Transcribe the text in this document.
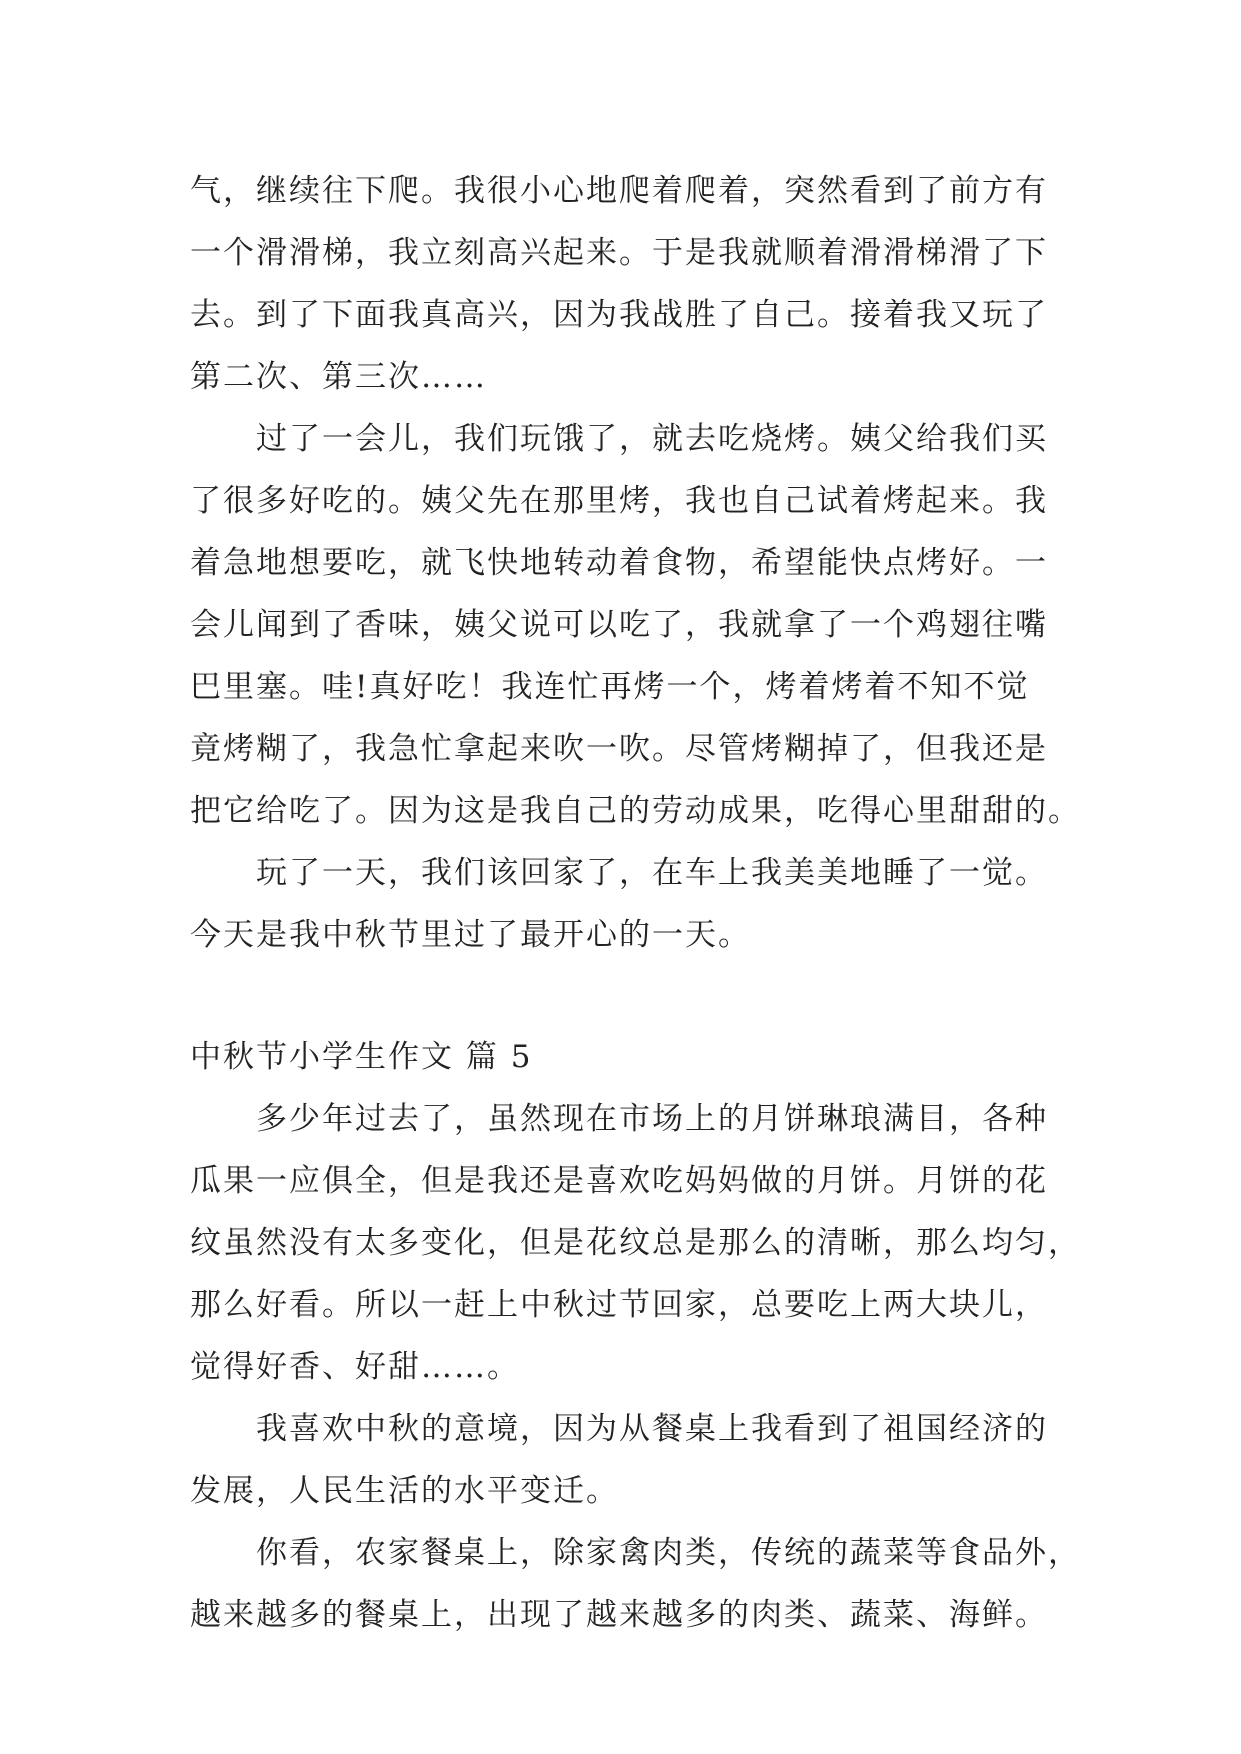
气，继续往下爬。我很小心地爬着爬着，突然看到了前方有
一个滑滑梯，我立刻高兴起来。于是我就顺着滑滑梯滑了下
去。到了下面我真高兴，因为我战胜了自己。接着我又玩了
第二次、第三次……
过了一会儿，我们玩饿了，就去吃烧烤。姨父给我们买
了很多好吃的。姨父先在那里烤，我也自己试着烤起来。我
着急地想要吃，就飞快地转动着食物，希望能快点烤好。一
会儿闻到了香味，姨父说可以吃了，我就拿了一个鸡翅往嘴
巴里塞。哇!真好吃！我连忙再烤一个，烤着烤着不知不觉
竟烤糊了，我急忙拿起来吹一吹。尽管烤糊掉了，但我还是
把它给吃了。因为这是我自己的劳动成果，吃得心里甜甜的。
玩了一天，我们该回家了，在车上我美美地睡了一觉。
今天是我中秋节里过了最开心的一天。
中秋节小学生作文 篇 5
多少年过去了，虽然现在市场上的月饼琳琅满目，各种
瓜果一应俱全，但是我还是喜欢吃妈妈做的月饼。月饼的花
纹虽然没有太多变化，但是花纹总是那么的清晰，那么均匀，
那么好看。所以一赶上中秋过节回家，总要吃上两大块儿，
觉得好香、好甜……。
我喜欢中秋的意境，因为从餐桌上我看到了祖国经济的
发展，人民生活的水平变迁。
你看，农家餐桌上，除家禽肉类，传统的蔬菜等食品外，
越来越多的餐桌上，出现了越来越多的肉类、蔬菜、海鲜。
